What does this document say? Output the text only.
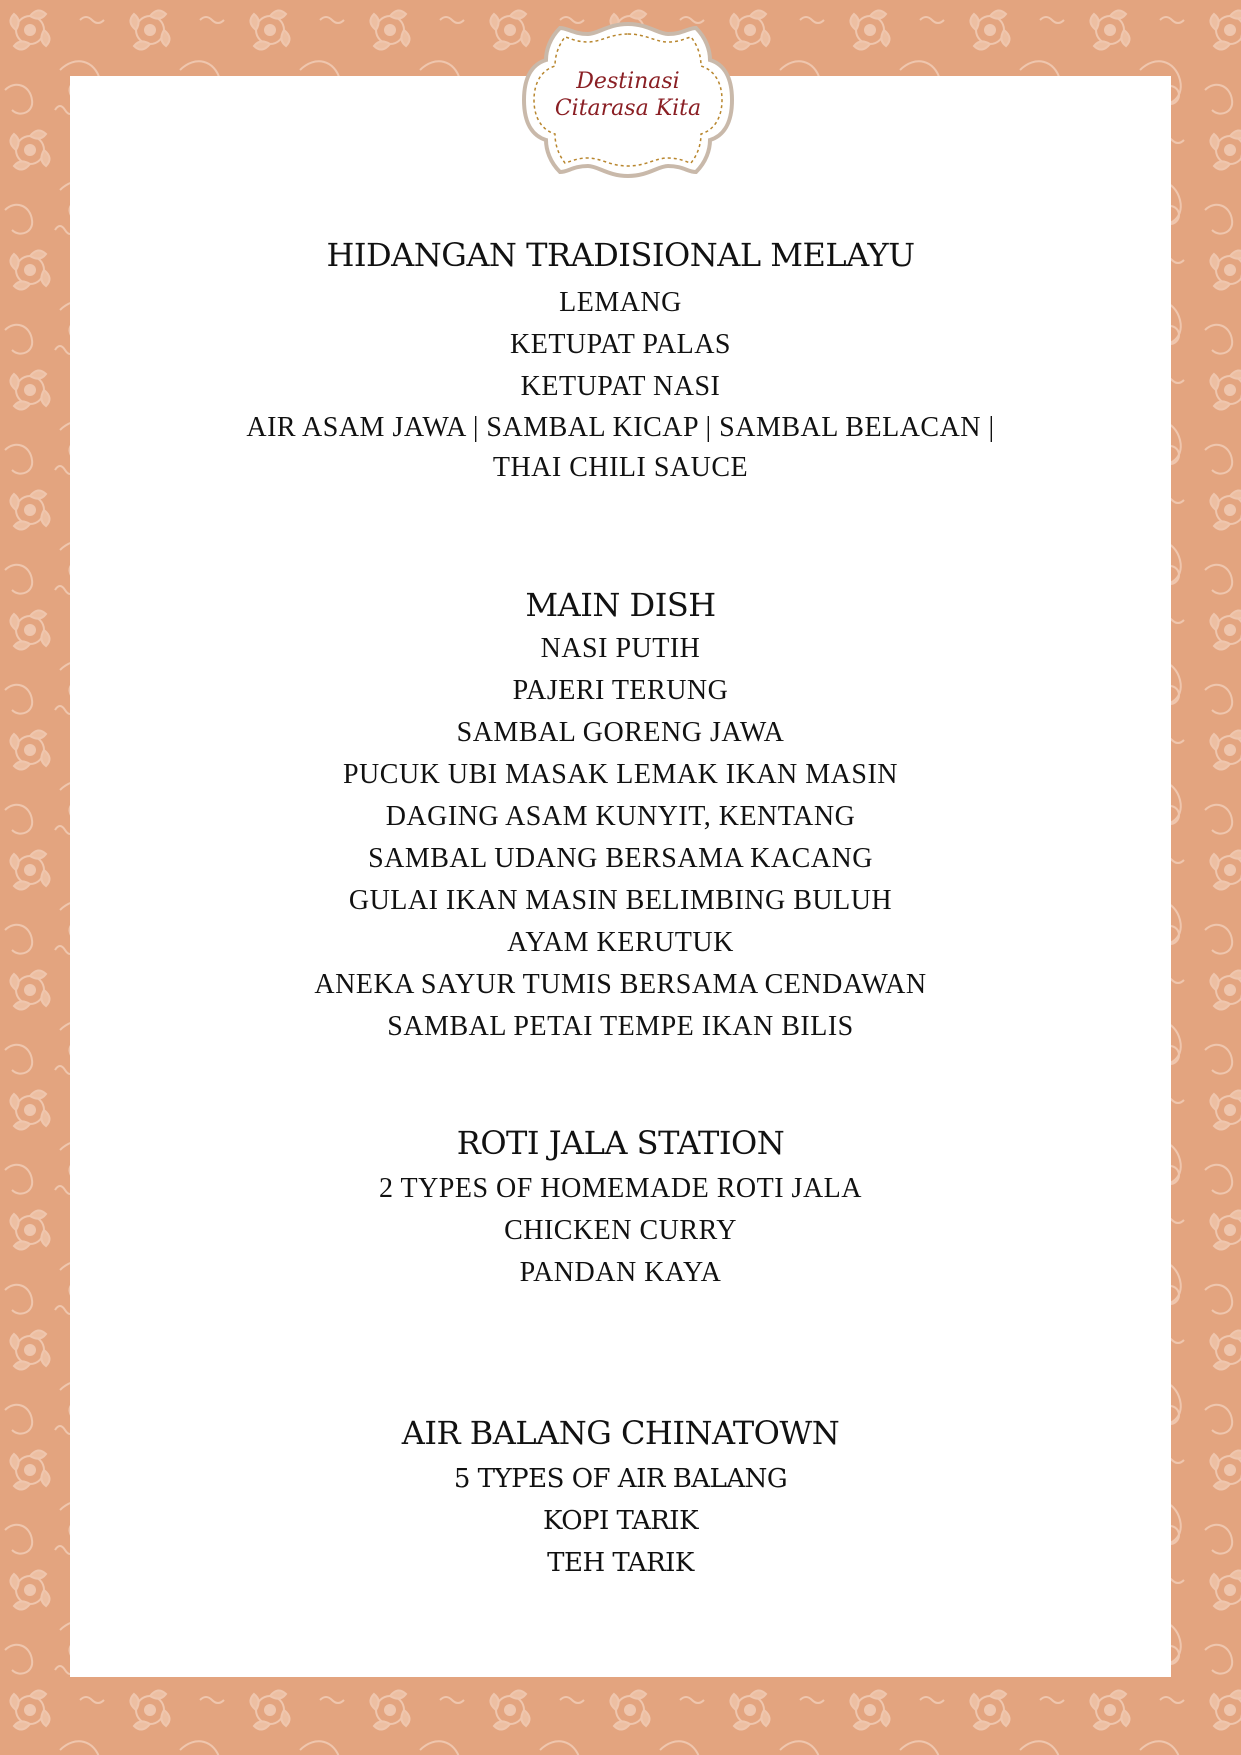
Destinasi
Citarasa Kita
HIDANGAN TRADISIONAL MELAYU
LEMANG
KETUPAT PALAS
KETUPAT NASI
AIR ASAM JAWA | SAMBAL KICAP | SAMBAL BELACAN |
THAI CHILI SAUCE
MAIN DISH
NASI PUTIH
PAJERI TERUNG
SAMBAL GORENG JAWA
PUCUK UBI MASAK LEMAK IKAN MASIN
DAGING ASAM KUNYIT, KENTANG
SAMBAL UDANG BERSAMA KACANG
GULAI IKAN MASIN BELIMBING BULUH
AYAM KERUTUK
ANEKA SAYUR TUMIS BERSAMA CENDAWAN
SAMBAL PETAI TEMPE IKAN BILIS
ROTI JALA STATION
2 TYPES OF HOMEMADE ROTI JALA
CHICKEN CURRY
PANDAN KAYA
AIR BALANG CHINATOWN
5 TYPES OF AIR BALANG
KOPI TARIK
TEH TARIK
